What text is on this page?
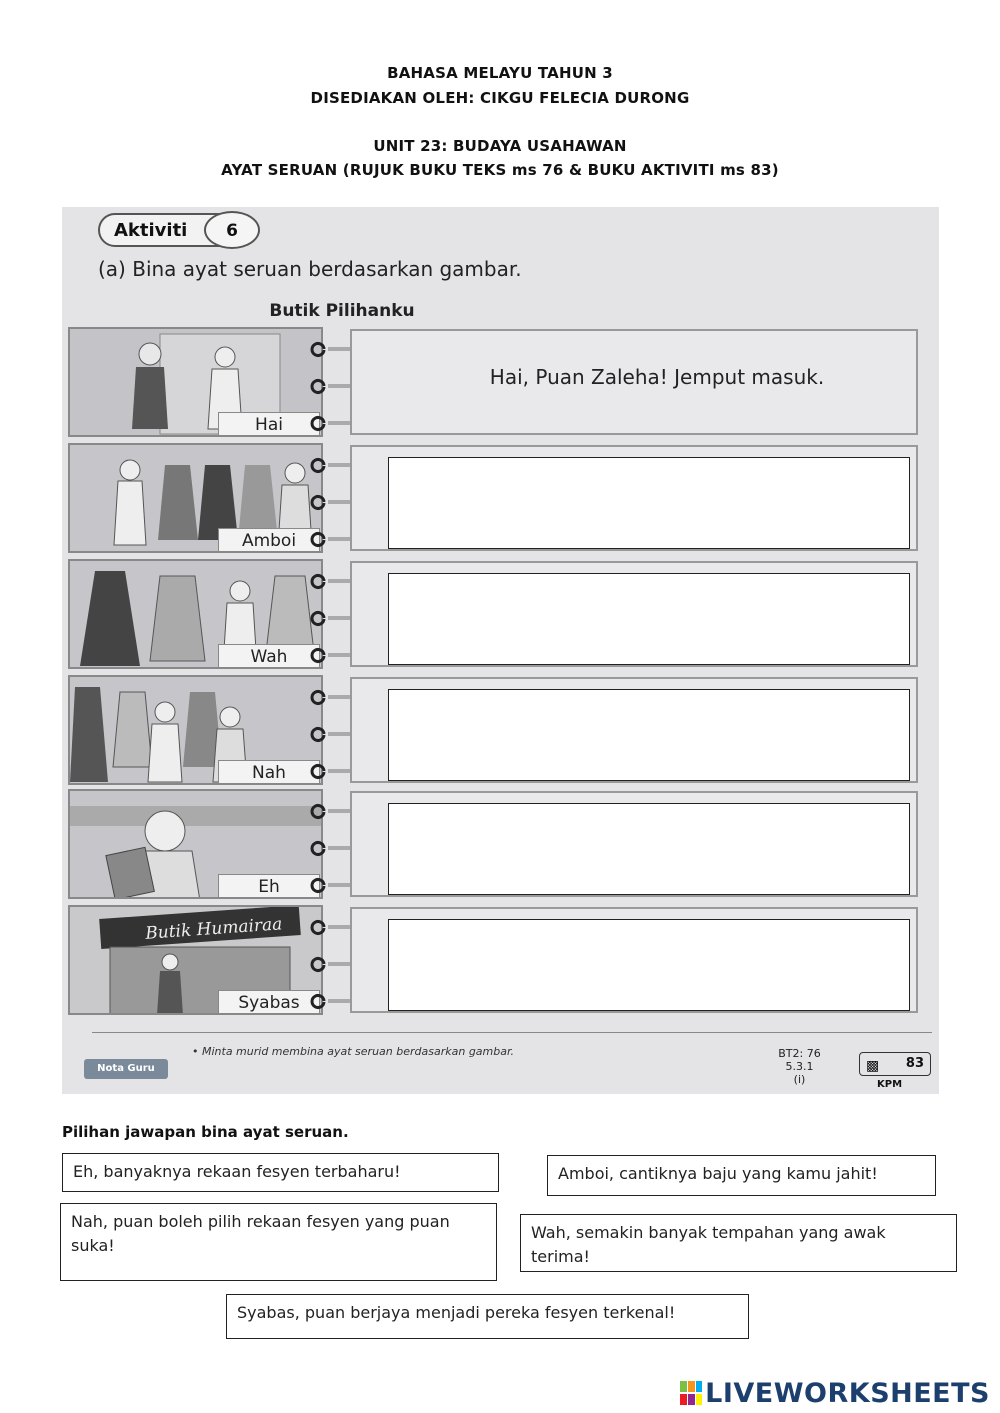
BAHASA MELAYU TAHUN 3
DISEDIAKAN OLEH: CIKGU FELECIA DURONG
UNIT 23: BUDAYA USAHAWAN
AYAT SERUAN (RUJUK BUKU TEKS ms 76 & BUKU AKTIVITI ms 83)
Aktiviti	6
(a) Bina ayat seruan berdasarkan gambar.
Butik Pilihanku
Hai
Hai, Puan Zaleha! Jemput masuk.
Amboi
Wah
Nah
Eh
Butik Humairaa
Syabas
Nota Guru
• Minta murid membina ayat seruan berdasarkan gambar.	BT2: 76
5.3.1
(i)
▩ 83
KPM
Pilihan jawapan bina ayat seruan.
Eh, banyaknya rekaan fesyen terbaharu!	Amboi, cantiknya baju yang kamu jahit!
Nah, puan boleh pilih rekaan fesyen yang puan suka!
Wah, semakin banyak tempahan yang awak terima!
Syabas, puan berjaya menjadi pereka fesyen terkenal!
LIVEWORKSHEETS
